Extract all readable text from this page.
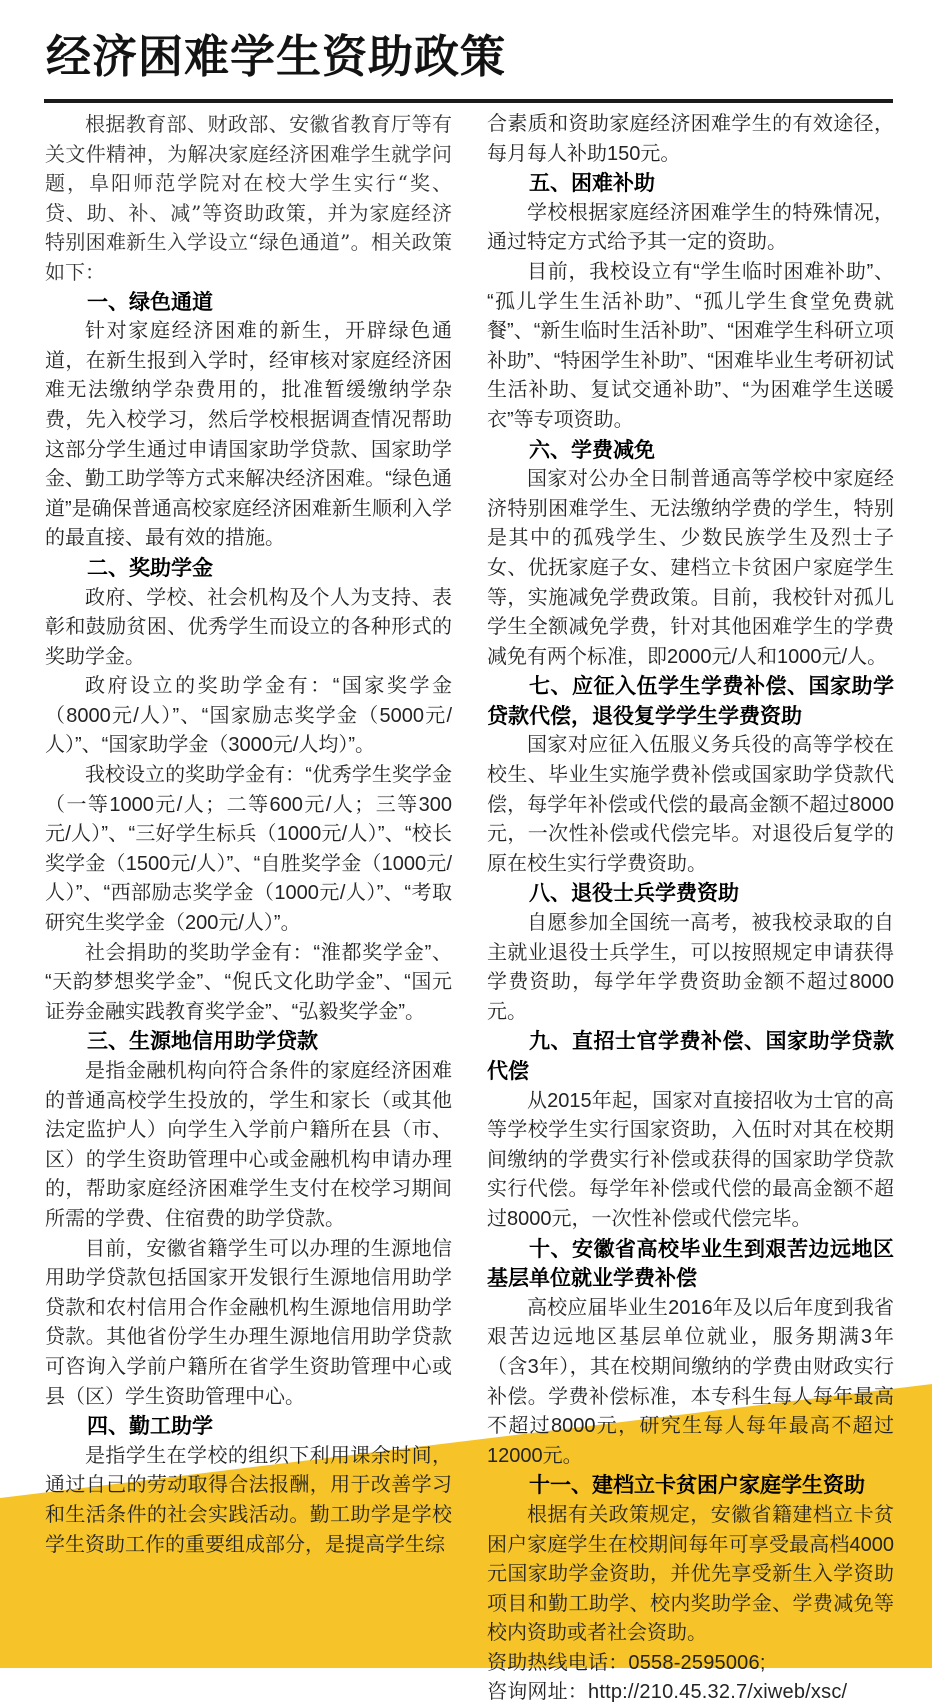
经济困难学生资助政策

根据教育部、财政部、安徽省教育厅等有关文件精神，为解决家庭经济困难学生就学问题，阜阳师范学院对在校大学生实行“奖、贷、助、补、减”等资助政策，并为家庭经济特别困难新生入学设立“绿色通道”。相关政策如下：

一、绿色通道

针对家庭经济困难的新生，开辟绿色通道，在新生报到入学时，经审核对家庭经济困难无法缴纳学杂费用的，批准暂缓缴纳学杂费，先入校学习，然后学校根据调查情况帮助这部分学生通过申请国家助学贷款、国家助学金、勤工助学等方式来解决经济困难。“绿色通道”是确保普通高校家庭经济困难新生顺利入学的最直接、最有效的措施。

二、奖助学金

政府、学校、社会机构及个人为支持、表彰和鼓励贫困、优秀学生而设立的各种形式的奖助学金。

政府设立的奖助学金有：“国家奖学金（8000元/人）”、“国家励志奖学金（5000元/人）”、“国家助学金（3000元/人均）”。

我校设立的奖助学金有：“优秀学生奖学金（一等1000元/人；二等600元/人；三等300元/人）”、“三好学生标兵（1000元/人）”、“校长奖学金（1500元/人）”、“自胜奖学金（1000元/人）”、“西部励志奖学金（1000元/人）”、“考取研究生奖学金（200元/人）”。

社会捐助的奖助学金有：“淮都奖学金”、“天韵梦想奖学金”、“倪氏文化助学金”、“国元证券金融实践教育奖学金”、“弘毅奖学金”。

三、生源地信用助学贷款

是指金融机构向符合条件的家庭经济困难的普通高校学生投放的，学生和家长（或其他法定监护人）向学生入学前户籍所在县（市、区）的学生资助管理中心或金融机构申请办理的，帮助家庭经济困难学生支付在校学习期间所需的学费、住宿费的助学贷款。

目前，安徽省籍学生可以办理的生源地信用助学贷款包括国家开发银行生源地信用助学贷款和农村信用合作金融机构生源地信用助学贷款。其他省份学生办理生源地信用助学贷款可咨询入学前户籍所在省学生资助管理中心或县（区）学生资助管理中心。

四、勤工助学

是指学生在学校的组织下利用课余时间，通过自己的劳动取得合法报酬，用于改善学习和生活条件的社会实践活动。勤工助学是学校学生资助工作的重要组成部分，是提高学生综

合素质和资助家庭经济困难学生的有效途径，每月每人补助150元。

五、困难补助

学校根据家庭经济困难学生的特殊情况，通过特定方式给予其一定的资助。

目前，我校设立有“学生临时困难补助”、“孤儿学生生活补助”、“孤儿学生食堂免费就餐”、“新生临时生活补助”、“困难学生科研立项补助”、“特困学生补助”、“困难毕业生考研初试生活补助、复试交通补助”、“为困难学生送暖衣”等专项资助。

六、学费减免

国家对公办全日制普通高等学校中家庭经济特别困难学生、无法缴纳学费的学生，特别是其中的孤残学生、少数民族学生及烈士子女、优抚家庭子女、建档立卡贫困户家庭学生等，实施减免学费政策。目前，我校针对孤儿学生全额减免学费，针对其他困难学生的学费减免有两个标准，即2000元/人和1000元/人。

七、应征入伍学生学费补偿、国家助学贷款代偿，退役复学学生学费资助

国家对应征入伍服义务兵役的高等学校在校生、毕业生实施学费补偿或国家助学贷款代偿，每学年补偿或代偿的最高金额不超过8000元，一次性补偿或代偿完毕。对退役后复学的原在校生实行学费资助。

八、退役士兵学费资助

自愿参加全国统一高考，被我校录取的自主就业退役士兵学生，可以按照规定申请获得学费资助，每学年学费资助金额不超过8000元。

九、直招士官学费补偿、国家助学贷款代偿

从2015年起，国家对直接招收为士官的高等学校学生实行国家资助，入伍时对其在校期间缴纳的学费实行补偿或获得的国家助学贷款实行代偿。每学年补偿或代偿的最高金额不超过8000元，一次性补偿或代偿完毕。

十、安徽省高校毕业生到艰苦边远地区基层单位就业学费补偿

高校应届毕业生2016年及以后年度到我省艰苦边远地区基层单位就业，服务期满3年（含3年），其在校期间缴纳的学费由财政实行补偿。学费补偿标准，本专科生每人每年最高不超过8000元，研究生每人每年最高不超过12000元。

十一、建档立卡贫困户家庭学生资助

根据有关政策规定，安徽省籍建档立卡贫困户家庭学生在校期间每年可享受最高档4000元国家助学金资助，并优先享受新生入学资助项目和勤工助学、校内奖助学金、学费减免等校内资助或者社会资助。

资助热线电话：0558-2595006;

咨询网址：http://210.45.32.7/xiweb/xsc/
